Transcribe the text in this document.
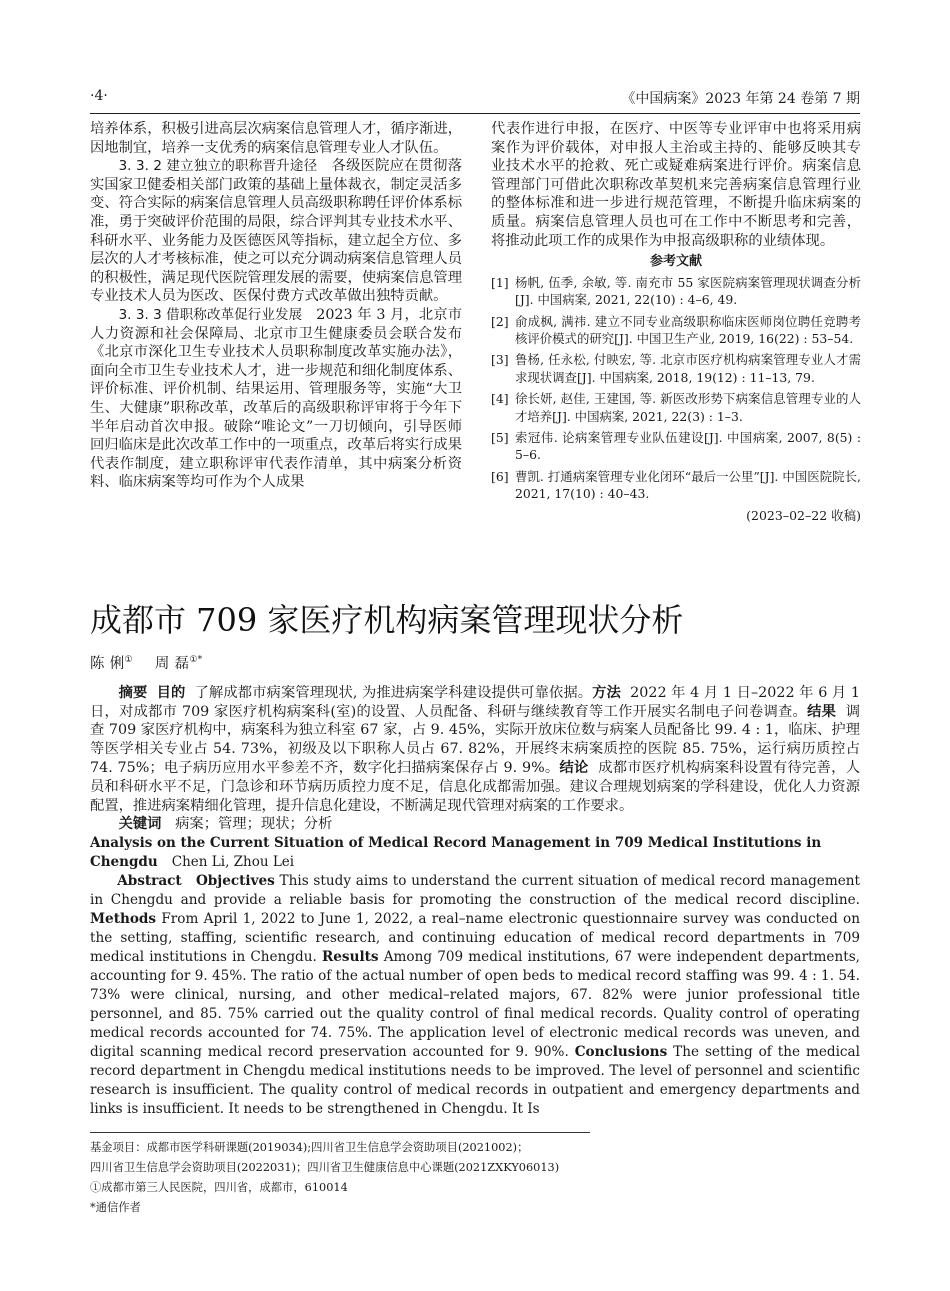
·4·	《中国病案》2023 年第 24 卷第 7 期

培养体系，积极引进高层次病案信息管理人才，循序渐进，因地制宜，培养一支优秀的病案信息管理专业人才队伍。

3. 3. 2 建立独立的职称晋升途径 各级医院应在贯彻落实国家卫健委相关部门政策的基础上量体裁衣，制定灵活多变、符合实际的病案信息管理人员高级职称聘任评价体系标准，勇于突破评价范围的局限，综合评判其专业技术水平、科研水平、业务能力及医德医风等指标，建立起全方位、多层次的人才考核标准，使之可以充分调动病案信息管理人员的积极性，满足现代医院管理发展的需要，使病案信息管理专业技术人员为医改、医保付费方式改革做出独特贡献。

3. 3. 3 借职称改革促行业发展 2023 年 3 月，北京市人力资源和社会保障局、北京市卫生健康委员会联合发布《北京市深化卫生专业技术人员职称制度改革实施办法》，面向全市卫生专业技术人才，进一步规范和细化制度体系、评价标准、评价机制、结果运用、管理服务等，实施“大卫生、大健康”职称改革，改革后的高级职称评审将于今年下半年启动首次申报。破除“唯论文”一刀切倾向，引导医师回归临床是此次改革工作中的一项重点，改革后将实行成果代表作制度，建立职称评审代表作清单，其中病案分析资料、临床病案等均可作为个人成果

代表作进行申报，在医疗、中医等专业评审中也将采用病案作为评价载体，对申报人主治或主持的、能够反映其专业技术水平的抢救、死亡或疑难病案进行评价。病案信息管理部门可借此次职称改革契机来完善病案信息管理行业的整体标准和进一步进行规范管理，不断提升临床病案的质量。病案信息管理人员也可在工作中不断思考和完善，将推动此项工作的成果作为申报高级职称的业绩体现。

参考文献

[1] 杨帆, 伍季, 余敏, 等. 南充市 55 家医院病案管理现状调查分析[J]. 中国病案, 2021, 22(10) : 4–6, 49.
[2] 俞成枫, 满祎. 建立不同专业高级职称临床医师岗位聘任竞聘考核评价模式的研究[J]. 中国卫生产业, 2019, 16(22) : 53–54.
[3] 鲁杨, 任永松, 付映宏, 等. 北京市医疗机构病案管理专业人才需求现状调查[J]. 中国病案, 2018, 19(12) : 11–13, 79.
[4] 徐长妍, 赵佳, 王建国, 等. 新医改形势下病案信息管理专业的人才培养[J]. 中国病案, 2021, 22(3) : 1–3.
[5] 索冠伟. 论病案管理专业队伍建设[J]. 中国病案, 2007, 8(5) : 5–6.
[6] 曹凯. 打通病案管理专业化闭环“最后一公里”[J]. 中国医院院长, 2021, 17(10) : 40–43.

(2023–02–22 收稿)

成都市 709 家医疗机构病案管理现状分析
陈 俐① 周 磊①*

摘要 目的 了解成都市病案管理现状, 为推进病案学科建设提供可靠依据。方法 2022 年 4 月 1 日–2022 年 6 月 1 日，对成都市 709 家医疗机构病案科(室)的设置、人员配备、科研与继续教育等工作开展实名制电子问卷调查。结果 调查 709 家医疗机构中，病案科为独立科室 67 家，占 9. 45%，实际开放床位数与病案人员配备比 99. 4 : 1，临床、护理等医学相关专业占 54. 73%，初级及以下职称人员占 67. 82%，开展终末病案质控的医院 85. 75%，运行病历质控占 74. 75%；电子病历应用水平参差不齐，数字化扫描病案保存占 9. 9%。结论 成都市医疗机构病案科设置有待完善，人员和科研水平不足，门急诊和环节病历质控力度不足，信息化成都需加强。建议合理规划病案的学科建设，优化人力资源配置，推进病案精细化管理，提升信息化建设，不断满足现代管理对病案的工作要求。

关键词 病案；管理；现状；分析

Analysis on the Current Situation of Medical Record Management in 709 Medical Institutions in Chengdu Chen Li, Zhou Lei

Abstract Objectives This study aims to understand the current situation of medical record management in Chengdu and provide a reliable basis for promoting the construction of the medical record discipline. Methods From April 1, 2022 to June 1, 2022, a real–name electronic questionnaire survey was conducted on the setting, staffing, scientific research, and continuing education of medical record departments in 709 medical institutions in Chengdu. Results Among 709 medical institutions, 67 were independent departments, accounting for 9. 45%. The ratio of the actual number of open beds to medical record staffing was 99. 4 : 1. 54. 73% were clinical, nursing, and other medical–related majors, 67. 82% were junior professional title personnel, and 85. 75% carried out the quality control of final medical records. Quality control of operating medical records accounted for 74. 75%. The application level of electronic medical records was uneven, and digital scanning medical record preservation accounted for 9. 90%. Conclusions The setting of the medical record department in Chengdu medical institutions needs to be improved. The level of personnel and scientific research is insufficient. The quality control of medical records in outpatient and emergency departments and links is insufficient. It needs to be strengthened in Chengdu. It Is

基金项目：成都市医学科研课题(2019034);四川省卫生信息学会资助项目(2021002)；

四川省卫生信息学会资助项目(2022031)；四川省卫生健康信息中心课题(2021ZXKY06013)

①成都市第三人民医院，四川省，成都市，610014

*通信作者
